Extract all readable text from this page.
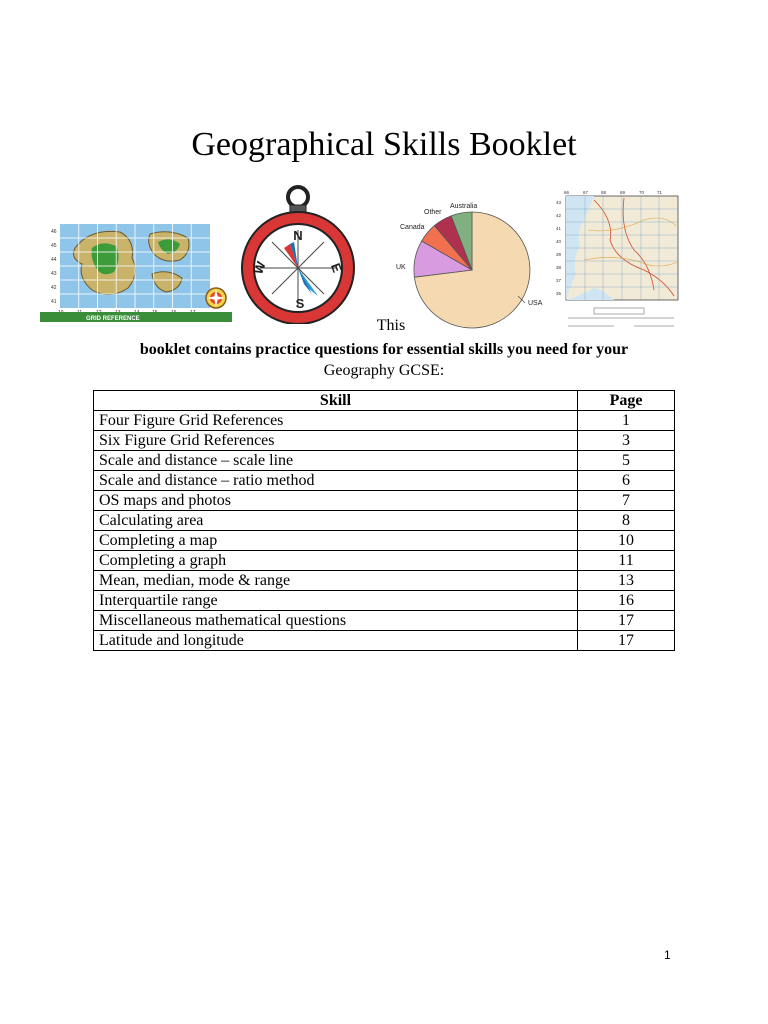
Geographical Skills Booklet
46
45
44
43
42
41
GRID REFERENCE
N
S
E
W
Australia
Other
Canada
UK
USA
66	67	68	69	70	71
43
42
41
40
39
38
37
36
This
booklet contains practice questions for essential skills you need for your
Geography GCSE:
Skill	Page
Four Figure Grid References	1
Six Figure Grid References	3
Scale and distance – scale line	5
Scale and distance – ratio method	6
OS maps and photos	7
Calculating area	8
Completing a map	10
Completing a graph	11
Mean, median, mode & range	13
Interquartile range	16
Miscellaneous mathematical questions	17
Latitude and longitude	17
1
